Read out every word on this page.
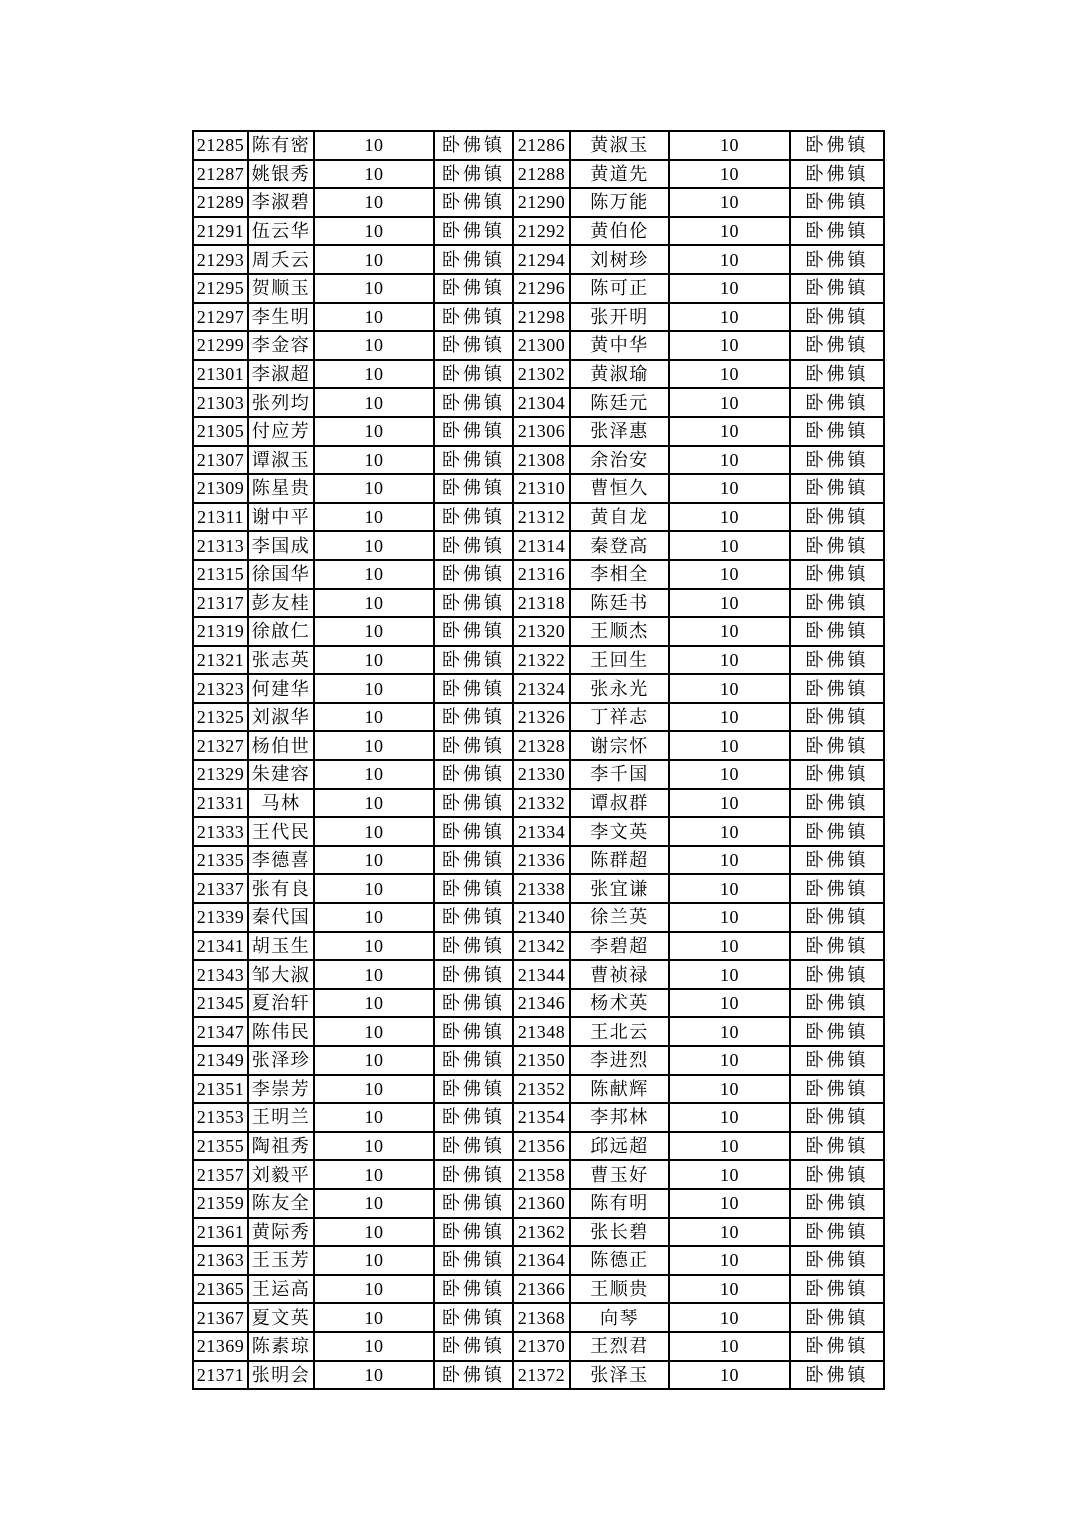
21285	陈有密	10	卧佛镇	21286	黄淑玉	10	卧佛镇
21287	姚银秀	10	卧佛镇	21288	黄道先	10	卧佛镇
21289	李淑碧	10	卧佛镇	21290	陈万能	10	卧佛镇
21291	伍云华	10	卧佛镇	21292	黄伯伦	10	卧佛镇
21293	周夭云	10	卧佛镇	21294	刘树珍	10	卧佛镇
21295	贺顺玉	10	卧佛镇	21296	陈可正	10	卧佛镇
21297	李生明	10	卧佛镇	21298	张开明	10	卧佛镇
21299	李金容	10	卧佛镇	21300	黄中华	10	卧佛镇
21301	李淑超	10	卧佛镇	21302	黄淑瑜	10	卧佛镇
21303	张列均	10	卧佛镇	21304	陈廷元	10	卧佛镇
21305	付应芳	10	卧佛镇	21306	张泽惠	10	卧佛镇
21307	谭淑玉	10	卧佛镇	21308	余治安	10	卧佛镇
21309	陈星贵	10	卧佛镇	21310	曹恒久	10	卧佛镇
21311	谢中平	10	卧佛镇	21312	黄自龙	10	卧佛镇
21313	李国成	10	卧佛镇	21314	秦登高	10	卧佛镇
21315	徐国华	10	卧佛镇	21316	李相全	10	卧佛镇
21317	彭友桂	10	卧佛镇	21318	陈廷书	10	卧佛镇
21319	徐啟仁	10	卧佛镇	21320	王顺杰	10	卧佛镇
21321	张志英	10	卧佛镇	21322	王回生	10	卧佛镇
21323	何建华	10	卧佛镇	21324	张永光	10	卧佛镇
21325	刘淑华	10	卧佛镇	21326	丁祥志	10	卧佛镇
21327	杨伯世	10	卧佛镇	21328	谢宗怀	10	卧佛镇
21329	朱建容	10	卧佛镇	21330	李千国	10	卧佛镇
21331	马林	10	卧佛镇	21332	谭叔群	10	卧佛镇
21333	王代民	10	卧佛镇	21334	李文英	10	卧佛镇
21335	李德喜	10	卧佛镇	21336	陈群超	10	卧佛镇
21337	张有良	10	卧佛镇	21338	张宜谦	10	卧佛镇
21339	秦代国	10	卧佛镇	21340	徐兰英	10	卧佛镇
21341	胡玉生	10	卧佛镇	21342	李碧超	10	卧佛镇
21343	邹大淑	10	卧佛镇	21344	曹祯禄	10	卧佛镇
21345	夏治轩	10	卧佛镇	21346	杨术英	10	卧佛镇
21347	陈伟民	10	卧佛镇	21348	王北云	10	卧佛镇
21349	张泽珍	10	卧佛镇	21350	李进烈	10	卧佛镇
21351	李崇芳	10	卧佛镇	21352	陈献辉	10	卧佛镇
21353	王明兰	10	卧佛镇	21354	李邦林	10	卧佛镇
21355	陶祖秀	10	卧佛镇	21356	邱远超	10	卧佛镇
21357	刘毅平	10	卧佛镇	21358	曹玉好	10	卧佛镇
21359	陈友全	10	卧佛镇	21360	陈有明	10	卧佛镇
21361	黄际秀	10	卧佛镇	21362	张长碧	10	卧佛镇
21363	王玉芳	10	卧佛镇	21364	陈德正	10	卧佛镇
21365	王运高	10	卧佛镇	21366	王顺贵	10	卧佛镇
21367	夏文英	10	卧佛镇	21368	向琴	10	卧佛镇
21369	陈素琼	10	卧佛镇	21370	王烈君	10	卧佛镇
21371	张明会	10	卧佛镇	21372	张泽玉	10	卧佛镇
